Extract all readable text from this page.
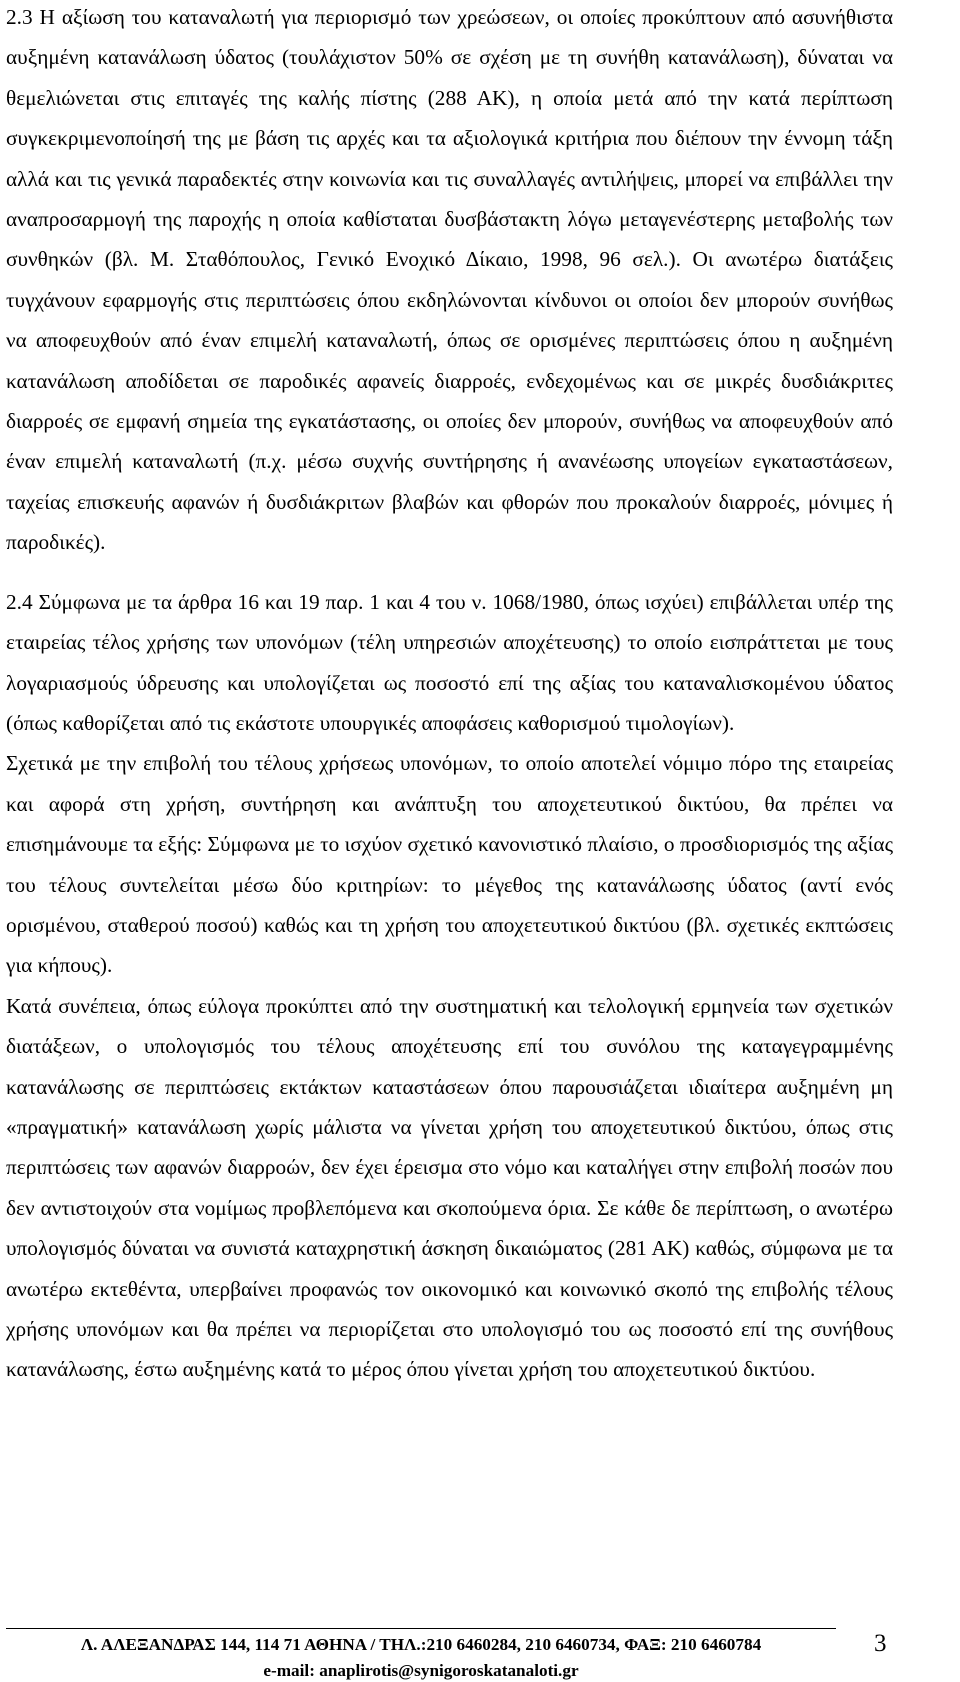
2.3 Η αξίωση του καταναλωτή για περιορισμό των χρεώσεων, οι οποίες προκύπτουν από ασυνήθιστα αυξημένη κατανάλωση ύδατος (τουλάχιστον 50% σε σχέση με τη συνήθη κατανάλωση), δύναται να θεμελιώνεται στις επιταγές της καλής πίστης (288 ΑΚ), η οποία μετά από την κατά περίπτωση συγκεκριμενοποίησή της με βάση τις αρχές και τα αξιολογικά κριτήρια που διέπουν την έννομη τάξη αλλά και τις γενικά παραδεκτές στην κοινωνία και τις συναλλαγές αντιλήψεις, μπορεί να επιβάλλει την αναπροσαρμογή της παροχής η οποία καθίσταται δυσβάστακτη λόγω μεταγενέστερης μεταβολής των συνθηκών (βλ. Μ. Σταθόπουλος, Γενικό Ενοχικό Δίκαιο, 1998, 96 σελ.). Οι ανωτέρω διατάξεις τυγχάνουν εφαρμογής στις περιπτώσεις όπου εκδηλώνονται κίνδυνοι οι οποίοι δεν μπορούν συνήθως να αποφευχθούν από έναν επιμελή καταναλωτή, όπως σε ορισμένες περιπτώσεις όπου η αυξημένη κατανάλωση αποδίδεται σε παροδικές αφανείς διαρροές, ενδεχομένως και σε μικρές δυσδιάκριτες διαρροές σε εμφανή σημεία της εγκατάστασης, οι οποίες δεν μπορούν, συνήθως να αποφευχθούν από έναν επιμελή καταναλωτή (π.χ. μέσω συχνής συντήρησης ή ανανέωσης υπογείων εγκαταστάσεων, ταχείας επισκευής αφανών ή δυσδιάκριτων βλαβών και φθορών που προκαλούν διαρροές, μόνιμες ή παροδικές).

2.4 Σύμφωνα με τα άρθρα 16 και 19 παρ. 1 και 4 του ν. 1068/1980, όπως ισχύει) επιβάλλεται υπέρ της εταιρείας τέλος χρήσης των υπονόμων (τέλη υπηρεσιών αποχέτευσης) το οποίο εισπράττεται με τους λογαριασμούς ύδρευσης και υπολογίζεται ως ποσοστό επί της αξίας του καταναλισκομένου ύδατος (όπως καθορίζεται από τις εκάστοτε υπουργικές αποφάσεις καθορισμού τιμολογίων).

Σχετικά με την επιβολή του τέλους χρήσεως υπονόμων, το οποίο αποτελεί νόμιμο πόρο της εταιρείας και αφορά στη χρήση, συντήρηση και ανάπτυξη του αποχετευτικού δικτύου, θα πρέπει να επισημάνουμε τα εξής: Σύμφωνα με το ισχύον σχετικό κανονιστικό πλαίσιο, ο προσδιορισμός της αξίας του τέλους συντελείται μέσω δύο κριτηρίων: το μέγεθος της κατανάλωσης ύδατος (αντί ενός ορισμένου, σταθερού ποσού) καθώς και τη χρήση του αποχετευτικού δικτύου (βλ. σχετικές εκπτώσεις για κήπους).

Κατά συνέπεια, όπως εύλογα προκύπτει από την συστηματική και τελολογική ερμηνεία των σχετικών διατάξεων, ο υπολογισμός του τέλους αποχέτευσης επί του συνόλου της καταγεγραμμένης κατανάλωσης σε περιπτώσεις εκτάκτων καταστάσεων όπου παρουσιάζεται ιδιαίτερα αυξημένη μη «πραγματική» κατανάλωση χωρίς μάλιστα να γίνεται χρήση του αποχετευτικού δικτύου, όπως στις περιπτώσεις των αφανών διαρροών, δεν έχει έρεισμα στο νόμο και καταλήγει στην επιβολή ποσών που δεν αντιστοιχούν στα νομίμως προβλεπόμενα και σκοπούμενα όρια. Σε κάθε δε περίπτωση, ο ανωτέρω υπολογισμός δύναται να συνιστά καταχρηστική άσκηση δικαιώματος (281 ΑΚ) καθώς, σύμφωνα με τα ανωτέρω εκτεθέντα, υπερβαίνει προφανώς τον οικονομικό και κοινωνικό σκοπό της επιβολής τέλους χρήσης υπονόμων και θα πρέπει να περιορίζεται στο υπολογισμό του ως ποσοστό επί της συνήθους κατανάλωσης, έστω αυξημένης κατά το μέρος όπου γίνεται χρήση του αποχετευτικού δικτύου.

Λ. ΑΛΕΞΑΝΔΡΑΣ 144, 114 71 ΑΘΗΝΑ / ΤΗΛ.:210 6460284, 210 6460734, ΦΑΞ: 210 6460784
e-mail: anaplirotis@synigoroskatanaloti.gr
3
